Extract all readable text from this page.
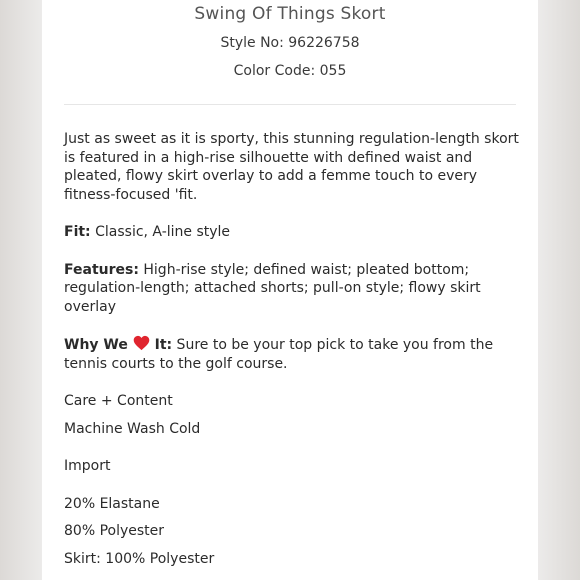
Swing Of Things Skort
Style No: 96226758
Color Code: 055

Just as sweet as it is sporty, this stunning regulation-length skort is featured in a high-rise silhouette with defined waist and pleated, flowy skirt overlay to add a femme touch to every fitness-focused 'fit.

Fit: Classic, A-line style

Features: High-rise style; defined waist; pleated bottom; regulation-length; attached shorts; pull-on style; flowy skirt overlay

Why We  It: Sure to be your top pick to take you from the tennis courts to the golf course.

Care + Content

Machine Wash Cold

Import

20% Elastane

80% Polyester

Skirt: 100% Polyester
